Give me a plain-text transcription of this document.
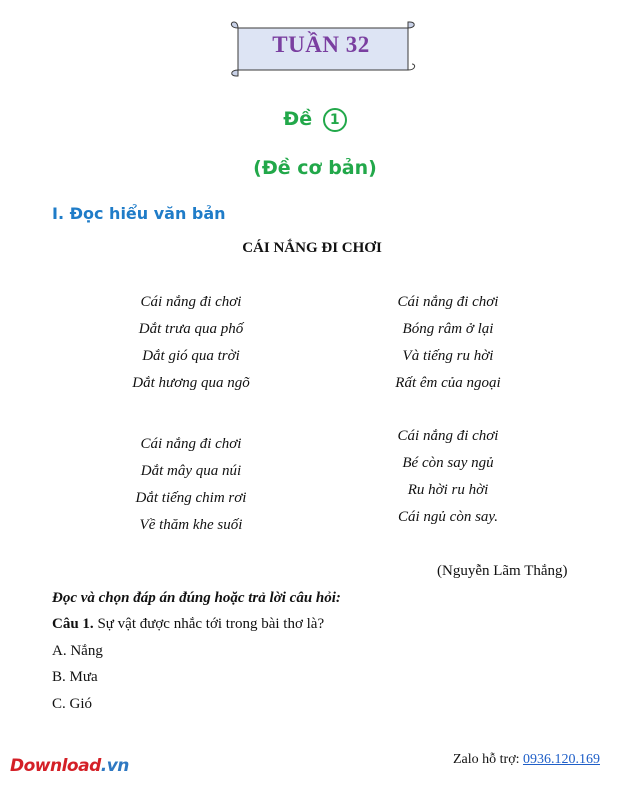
TUẦN 32
Đề 1
(Đề cơ bản)
I. Đọc hiểu văn bản
CÁI NẮNG ĐI CHƠI
Cái nắng đi chơi
Dắt trưa qua phố
Dắt gió qua trời
Dắt hương qua ngõ
Cái nắng đi chơi
Bóng râm ở lại
Và tiếng ru hời
Rất êm của ngoại
Cái nắng đi chơi
Dắt mây qua núi
Dắt tiếng chim rơi
Về thăm khe suối
Cái nắng đi chơi
Bé còn say ngủ
Ru hời ru hời
Cái ngủ còn say.
(Nguyễn Lãm Thắng)
Đọc và chọn đáp án đúng hoặc trả lời câu hỏi:
Câu 1. Sự vật được nhắc tới trong bài thơ là?
A. Nắng
B. Mưa
C. Gió
Download.vn	Zalo hỗ trợ: 0936.120.169
